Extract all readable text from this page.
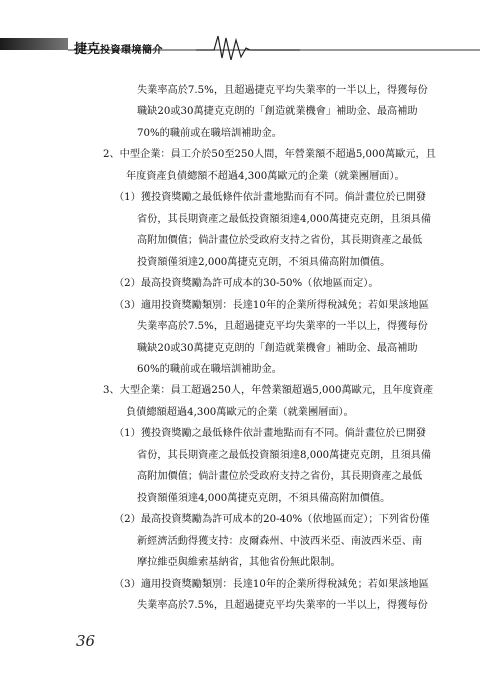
捷克投資環境簡介
失業率高於7.5%，且超過捷克平均失業率的一半以上，得獲每份
職缺20或30萬捷克克朗的「創造就業機會」補助金、最高補助
70%的職前或在職培訓補助金。
2、中型企業：員工介於50至250人間，年營業額不超過5,000萬歐元，且
年度資產負債總額不超過4,300萬歐元的企業（就業團層面）。
（1）獲投資獎勵之最低條件依計畫地點而有不同。倘計畫位於已開發
省份，其長期資產之最低投資額須達4,000萬捷克克朗，且須具備
高附加價值；倘計畫位於受政府支持之省份，其長期資產之最低
投資額僅須達2,000萬捷克克朗，不須具備高附加價值。
（2）最高投資獎勵為許可成本的30-50%（依地區而定）。
（3）適用投資獎勵類別：長達10年的企業所得稅減免；若如果該地區
失業率高於7.5%，且超過捷克平均失業率的一半以上，得獲每份
職缺20或30萬捷克克朗的「創造就業機會」補助金、最高補助
60%的職前或在職培訓補助金。
3、大型企業：員工超過250人，年營業額超過5,000萬歐元，且年度資產
負債總額超過4,300萬歐元的企業（就業團層面）。
（1）獲投資獎勵之最低條件依計畫地點而有不同。倘計畫位於已開發
省份，其長期資產之最低投資額須達8,000萬捷克克朗，且須具備
高附加價值；倘計畫位於受政府支持之省份，其長期資產之最低
投資額僅須達4,000萬捷克克朗，不須具備高附加價值。
（2）最高投資獎勵為許可成本的20-40%（依地區而定）；下列省份僅
新經濟活動得獲支持：皮爾森州、中波西米亞、南波西米亞、南
摩拉維亞與維索基納省，其他省份無此限制。
（3）適用投資獎勵類別：長達10年的企業所得稅減免；若如果該地區
失業率高於7.5%，且超過捷克平均失業率的一半以上，得獲每份
36
